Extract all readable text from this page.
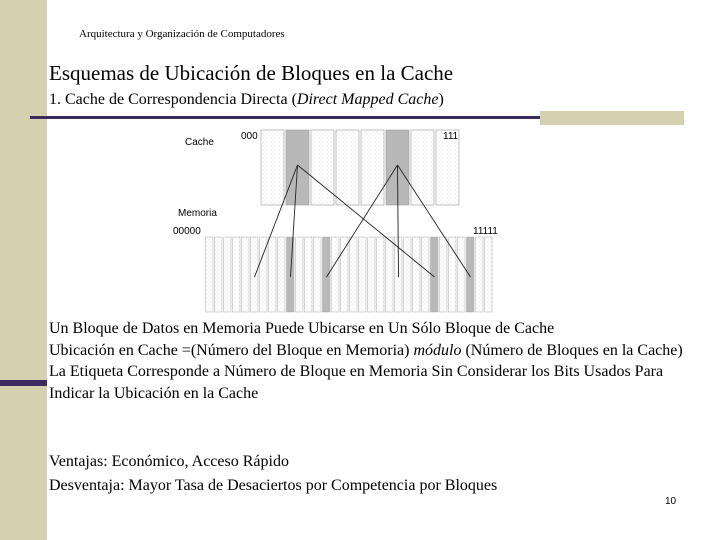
Arquitectura y Organización de Computadores
Esquemas de Ubicación de Bloques en la Cache
1. Cache de Correspondencia Directa (Direct Mapped Cache)
Cache
000	111
Memoria
00000	11111

Un Bloque de Datos en Memoria Puede Ubicarse en Un Sólo Bloque de Cache

Ubicación en Cache =(Número del Bloque en Memoria) módulo (Número de Bloques en la Cache)

La Etiqueta Corresponde a Número de Bloque en Memoria Sin Considerar los Bits Usados Para Indicar la Ubicación en la Cache

Ventajas: Económico, Acceso Rápido

Desventaja: Mayor Tasa de Desaciertos por Competencia por Bloques

10
